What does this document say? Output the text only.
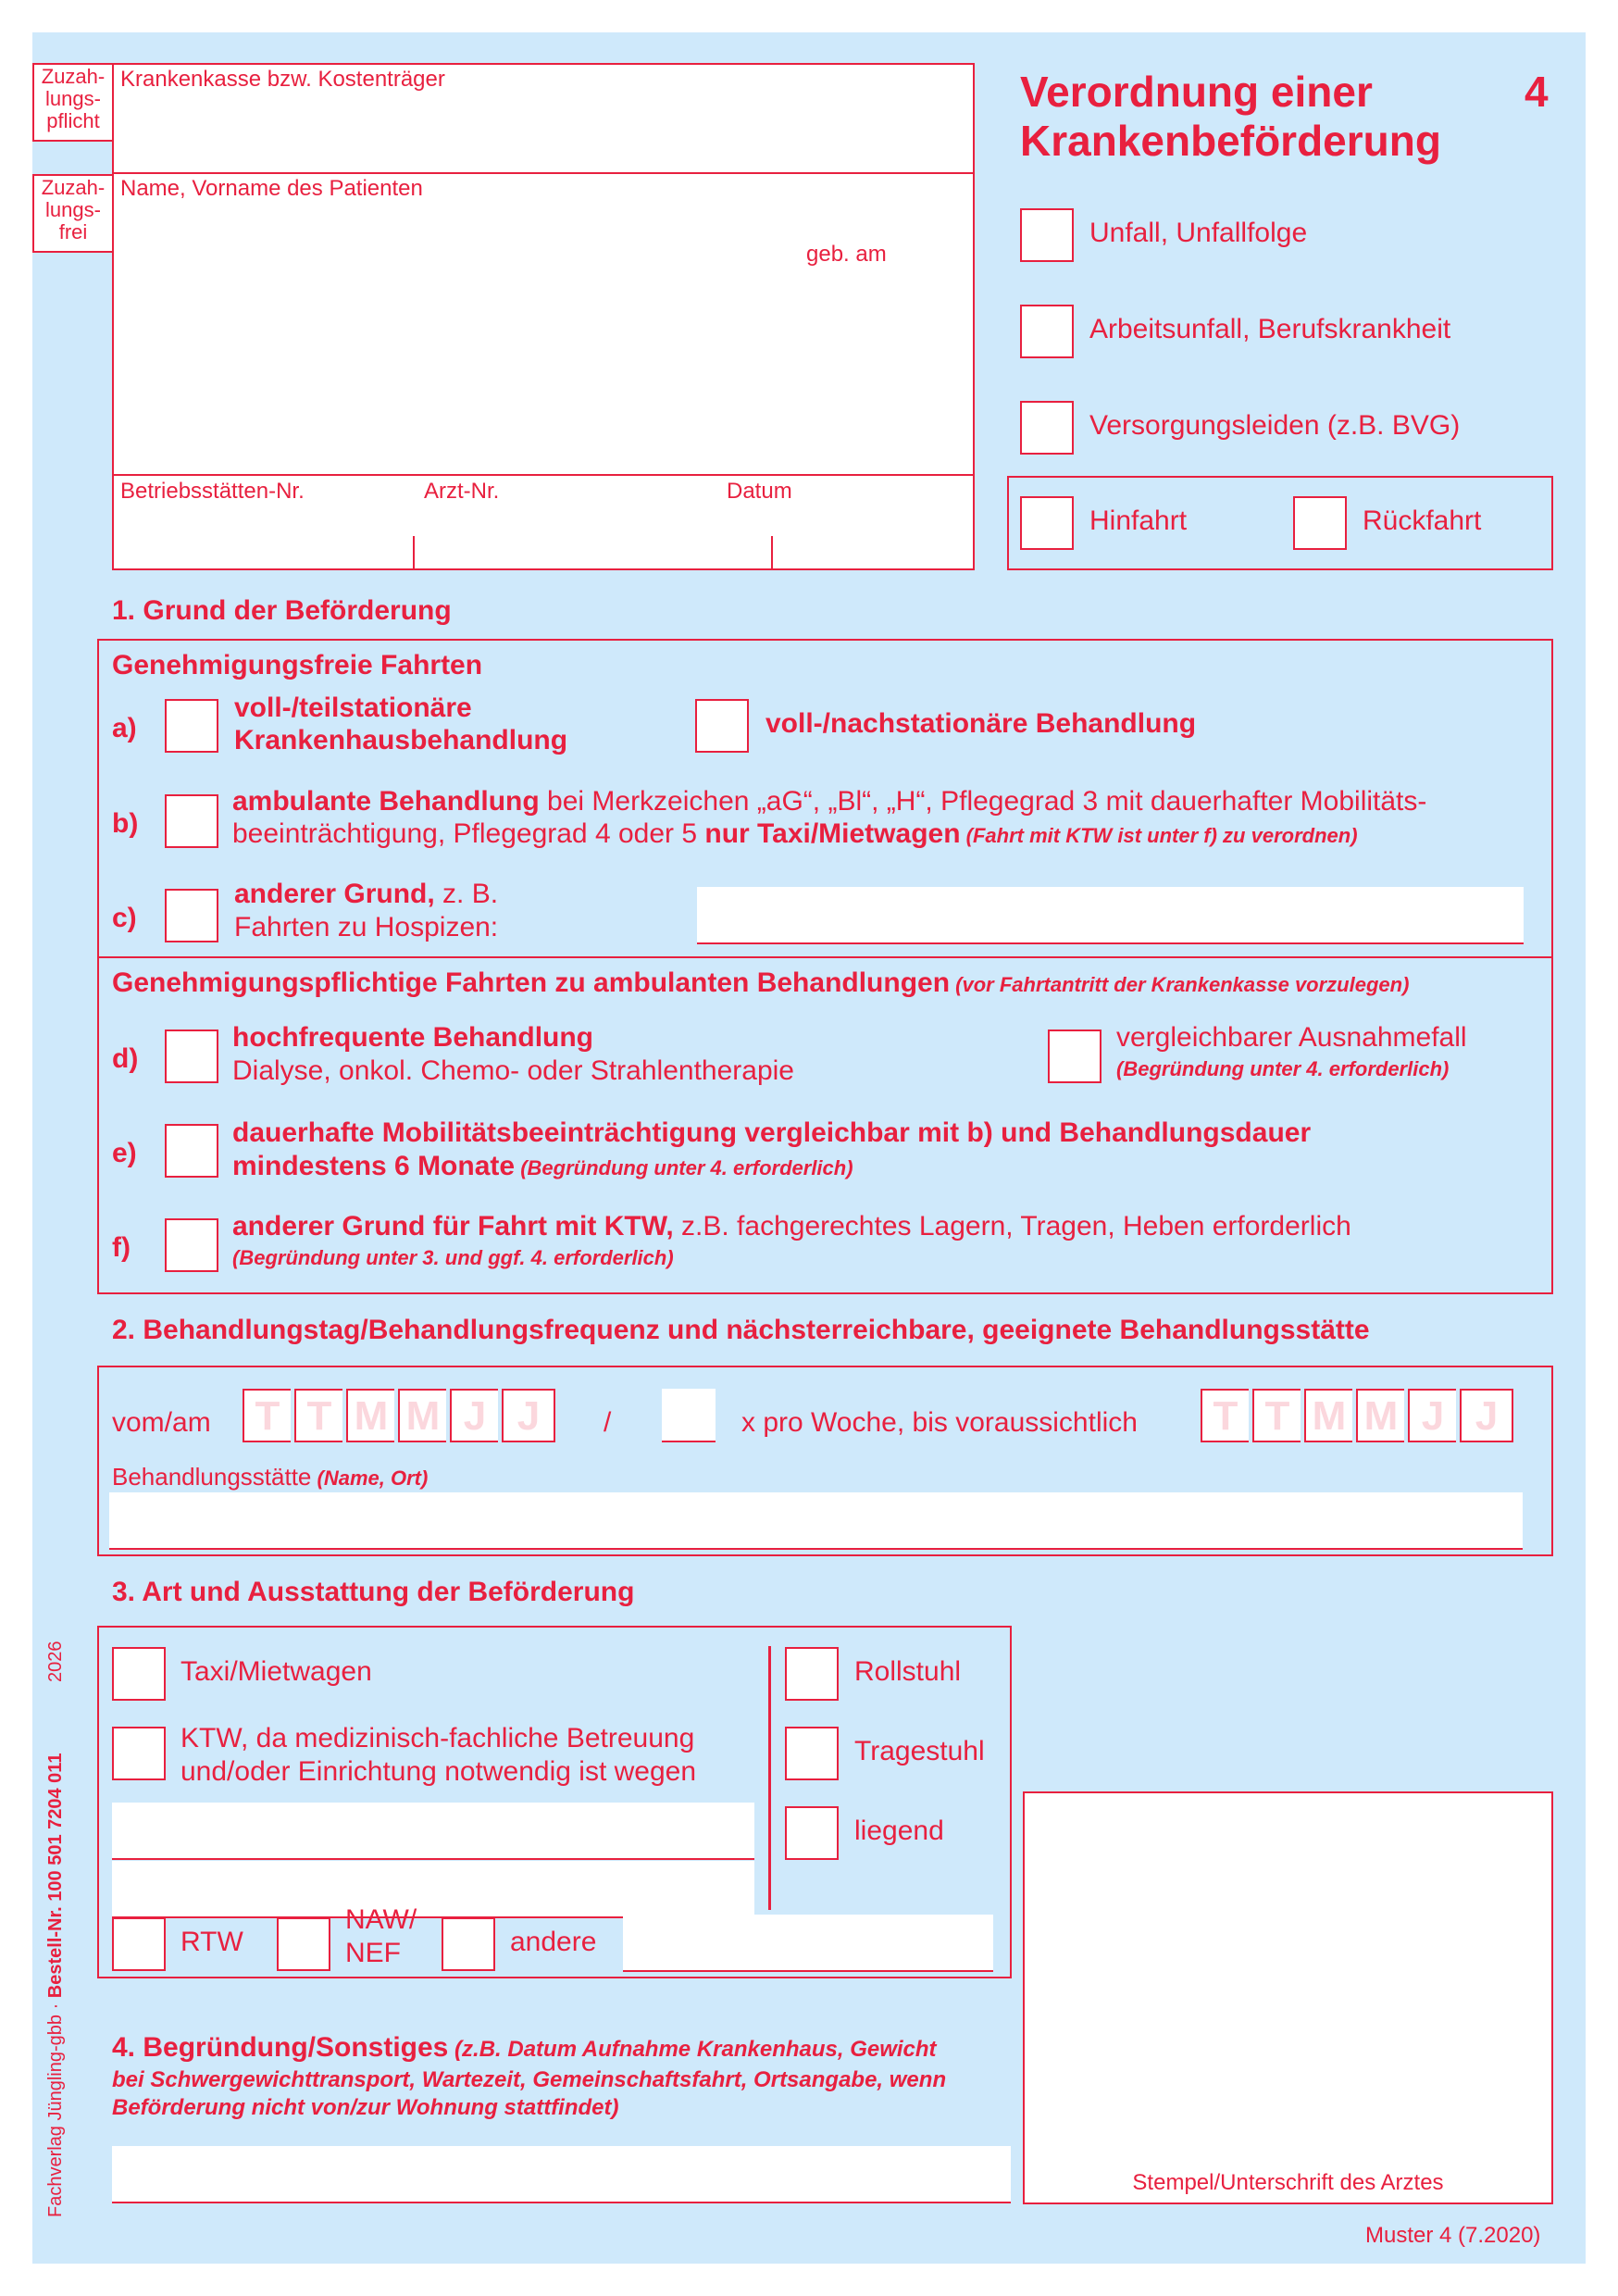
Zuzah-
lungs-
pflicht
Zuzah-
lungs-
frei
Krankenkasse bzw. Kostenträger
Name, Vorname des Patienten
geb. am
Betriebsstätten-Nr.	Arzt-Nr.	Datum
Verordnung einer
Krankenbeförderung
4
Unfall, Unfallfolge
Arbeitsunfall, Berufskrankheit
Versorgungsleiden (z.B. BVG)
Hinfahrt	Rückfahrt
1. Grund der Beförderung
Genehmigungsfreie Fahrten
a)
voll-/teilstationäre
Krankenhausbehandlung
voll-/nachstationäre Behandlung
b)
ambulante Behandlung bei Merkzeichen „aG“, „Bl“, „H“, Pflegegrad 3 mit dauerhafter Mobilitäts-
beeinträchtigung, Pflegegrad 4 oder 5 nur Taxi/Mietwagen (Fahrt mit KTW ist unter f) zu verordnen)
c)
anderer Grund, z. B.
Fahrten zu Hospizen:
Genehmigungspflichtige Fahrten zu ambulanten Behandlungen (vor Fahrtantritt der Krankenkasse vorzulegen)
d)
hochfrequente Behandlung
Dialyse, onkol. Chemo- oder Strahlentherapie
vergleichbarer Ausnahmefall
(Begründung unter 4. erforderlich)
e)
dauerhafte Mobilitätsbeeinträchtigung vergleichbar mit b) und Behandlungsdauer
mindestens 6 Monate (Begründung unter 4. erforderlich)
f)
anderer Grund für Fahrt mit KTW, z.B. fachgerechtes Lagern, Tragen, Heben erforderlich
(Begründung unter 3. und ggf. 4. erforderlich)
2. Behandlungstag/Behandlungsfrequenz und nächsterreichbare, geeignete Behandlungsstätte
vom/am	T T M M J J	/	x pro Woche, bis voraussichtlich	T T M M J J
Behandlungsstätte (Name, Ort)
3. Art und Ausstattung der Beförderung
Taxi/Mietwagen
KTW, da medizinisch-fachliche Betreuung
und/oder Einrichtung notwendig ist wegen
Rollstuhl
Tragestuhl
liegend
RTW
NAW/
NEF	andere
4. Begründung/Sonstiges (z.B. Datum Aufnahme Krankenhaus, Gewicht
bei Schwergewichttransport, Wartezeit, Gemeinschaftsfahrt, Ortsangabe, wenn
Beförderung nicht von/zur Wohnung stattfindet)
Stempel/Unterschrift des Arztes
Muster 4 (7.2020)
Fachverlag Jüngling-gbb · Bestell-Nr. 100 501 7204 011
2026
